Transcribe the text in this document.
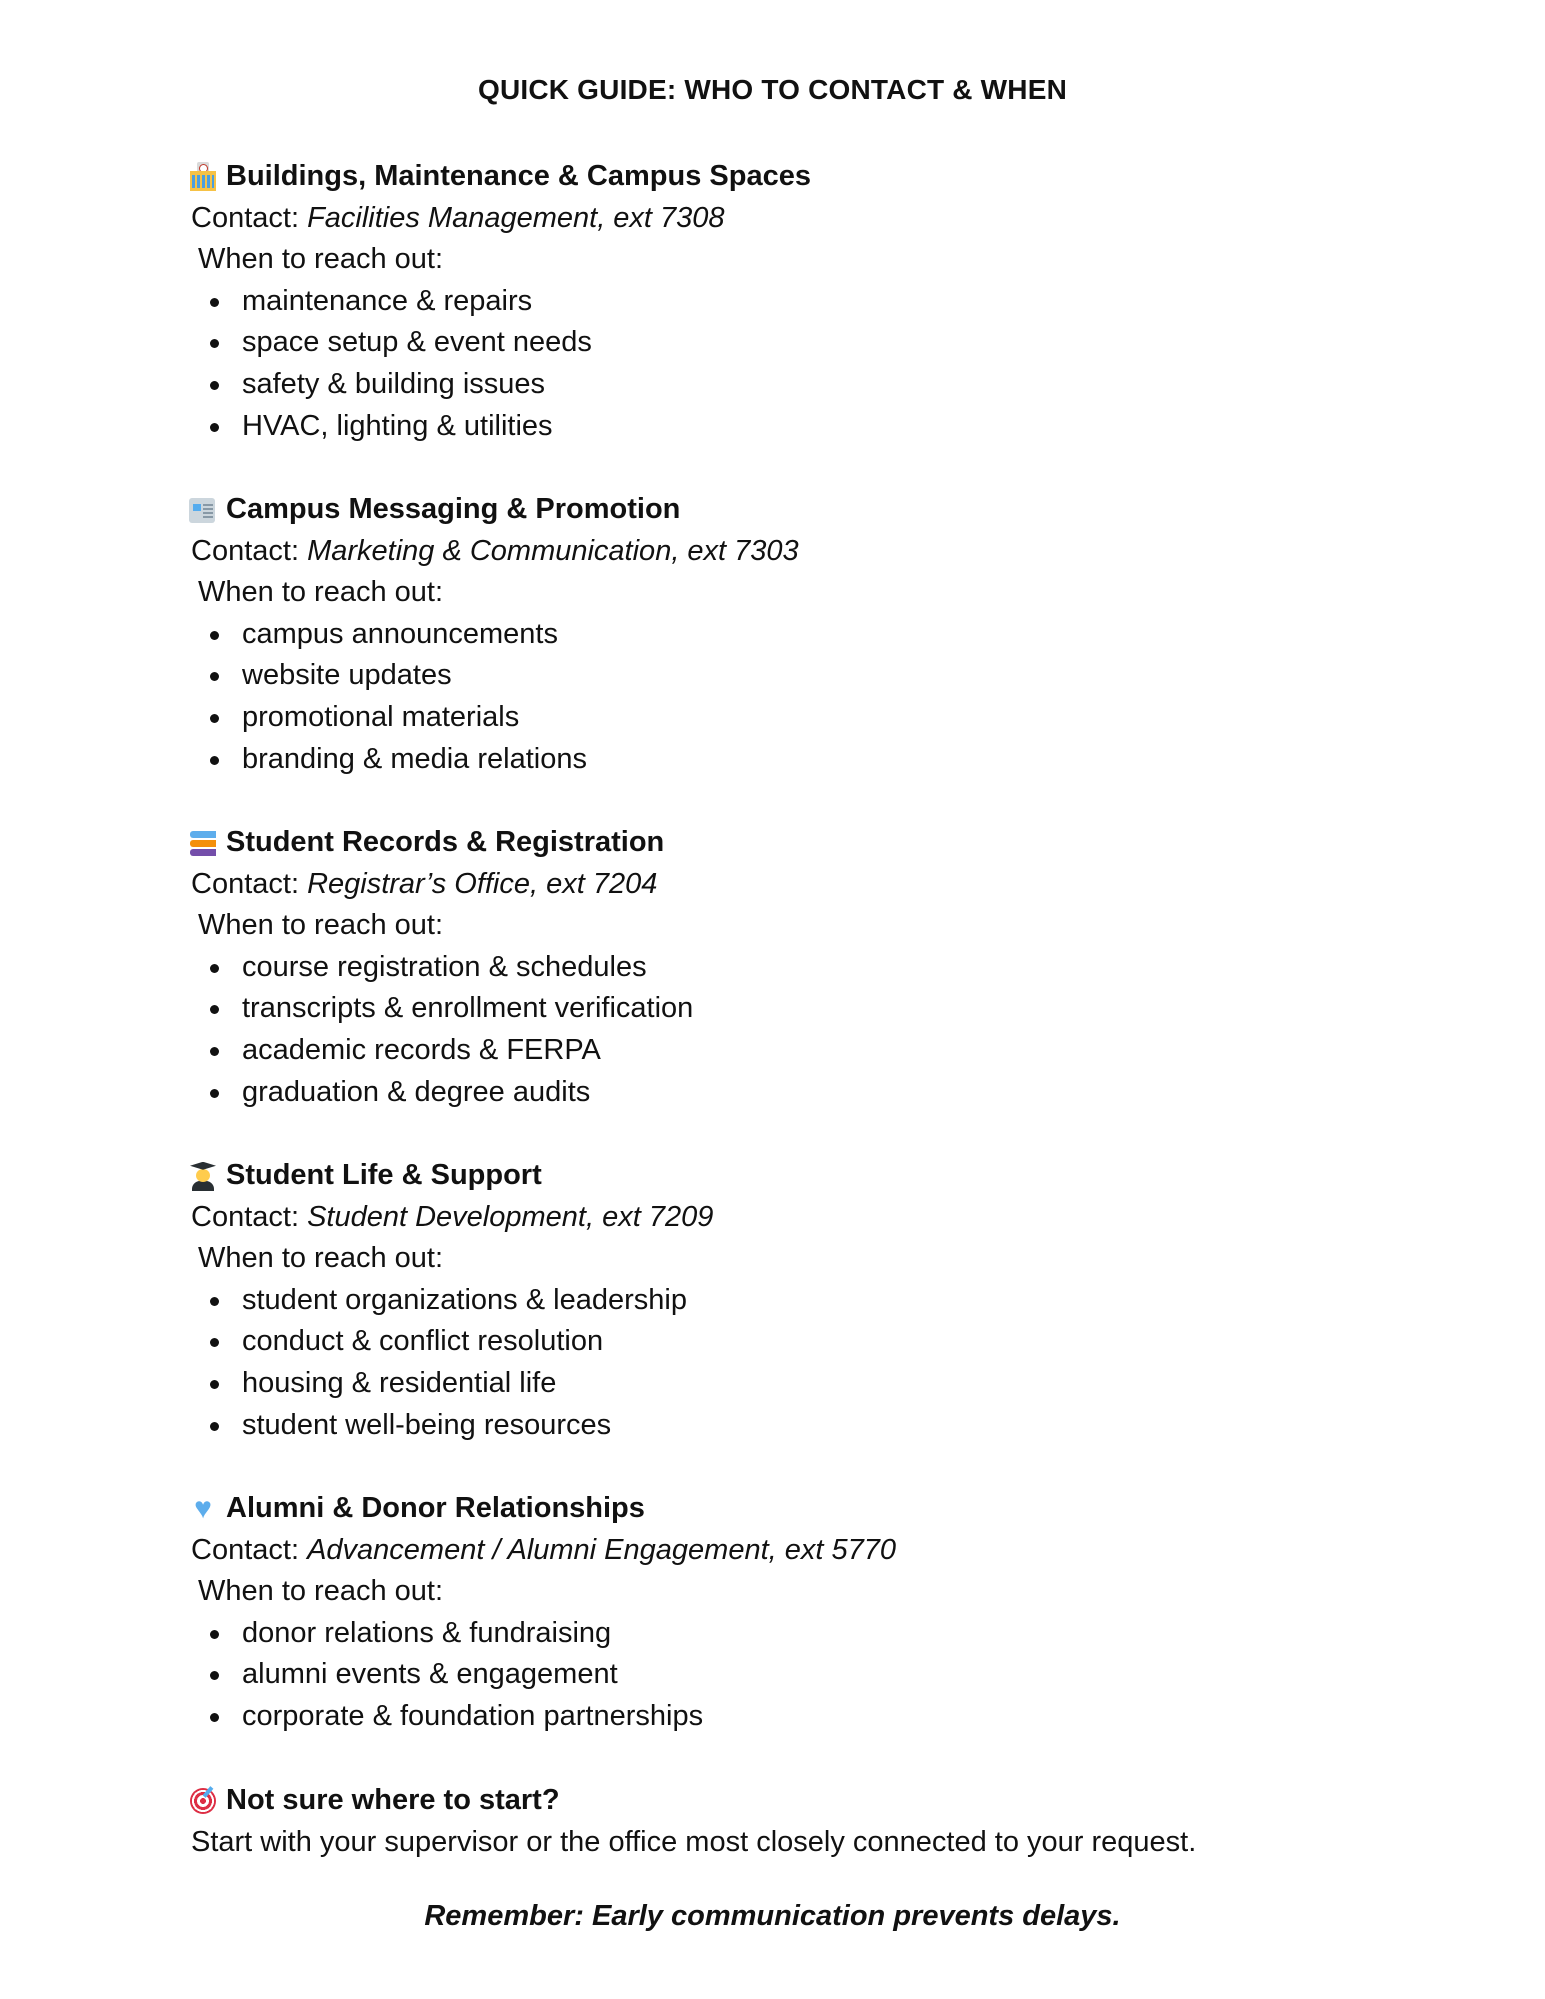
QUICK GUIDE: WHO TO CONTACT & WHEN
Buildings, Maintenance & Campus Spaces
Contact: Facilities Management, ext 7308
When to reach out:
maintenance & repairs
space setup & event needs
safety & building issues
HVAC, lighting & utilities
Campus Messaging & Promotion
Contact: Marketing & Communication, ext 7303
When to reach out:
campus announcements
website updates
promotional materials
branding & media relations
Student Records & Registration
Contact: Registrar’s Office, ext 7204
When to reach out:
course registration & schedules
transcripts & enrollment verification
academic records & FERPA
graduation & degree audits
Student Life & Support
Contact: Student Development, ext 7209
When to reach out:
student organizations & leadership
conduct & conflict resolution
housing & residential life
student well-being resources
♥ Alumni & Donor Relationships
Contact: Advancement / Alumni Engagement, ext 5770
When to reach out:
donor relations & fundraising
alumni events & engagement
corporate & foundation partnerships
Not sure where to start?
Start with your supervisor or the office most closely connected to your request.
Remember: Early communication prevents delays.
